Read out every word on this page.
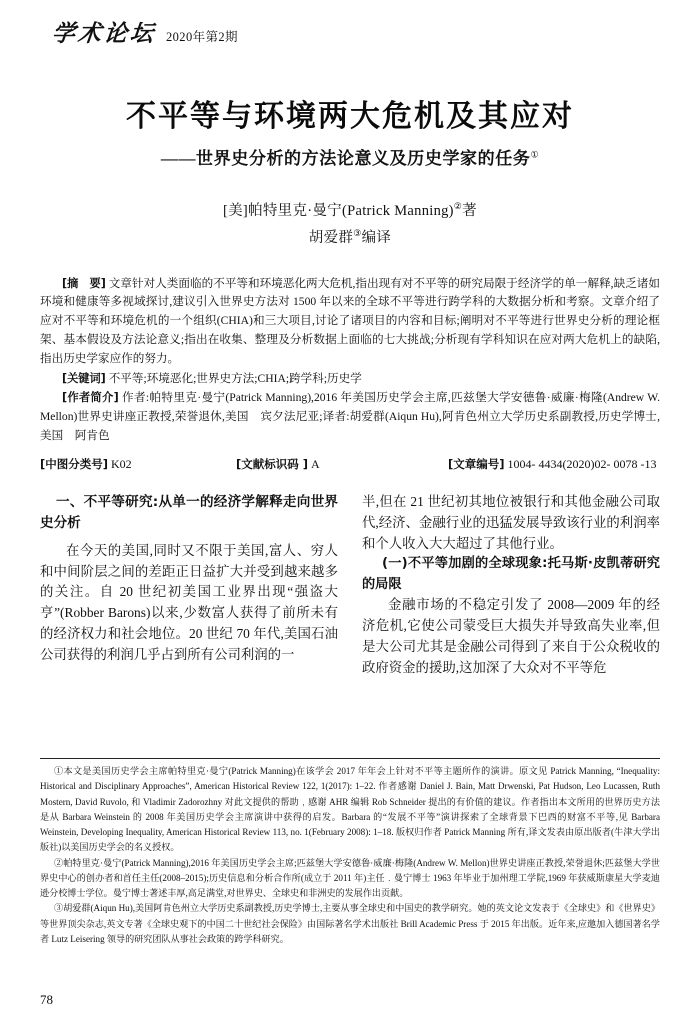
学术论坛 2020年第2期
不平等与环境两大危机及其应对
——世界史分析的方法论意义及历史学家的任务①
[美]帕特里克·曼宁(Patrick Manning)②著
胡爱群③编译

[摘　要] 文章针对人类面临的不平等和环境恶化两大危机,指出现有对不平等的研究局限于经济学的单一解释,缺乏诸如环境和健康等多视域探讨,建议引入世界史方法对 1500 年以来的全球不平等进行跨学科的大数据分析和考察。文章介绍了应对不平等和环境危机的一个组织(CHIA)和三大项目,讨论了诸项目的内容和目标;阐明对不平等进行世界史分析的理论框架、基本假设及方法论意义;指出在收集、整理及分析数据上面临的七大挑战;分析现有学科知识在应对两大危机上的缺陷,指出历史学家应作的努力。

[关键词] 不平等;环境恶化;世界史方法;CHIA;跨学科;历史学

[作者简介] 作者:帕特里克·曼宁(Patrick Manning),2016 年美国历史学会主席,匹兹堡大学安德鲁·威廉·梅隆(Andrew W. Mellon)世界史讲座正教授,荣誉退休,美国　宾夕法尼亚;译者:胡爱群(Aiqun Hu),阿肯色州立大学历史系副教授,历史学博士,美国　阿肯色

[中图分类号] K02	[文献标识码 ] A	[文章编号] 1004- 4434(2020)02- 0078 -13

一、不平等研究:从单一的经济学解释走向世界史分析

在今天的美国,同时又不限于美国,富人、穷人和中间阶层之间的差距正日益扩大并受到越来越多的关注。自 20 世纪初美国工业界出现“强盗大亨”(Robber Barons)以来,少数富人获得了前所未有的经济权力和社会地位。20 世纪 70 年代,美国石油公司获得的利润几乎占到所有公司利润的一

半,但在 21 世纪初其地位被银行和其他金融公司取代,经济、金融行业的迅猛发展导致该行业的利润率和个人收入大大超过了其他行业。

(一)不平等加剧的全球现象:托马斯·皮凯蒂研究的局限

金融市场的不稳定引发了 2008—2009 年的经济危机,它使公司蒙受巨大损失并导致高失业率,但是大公司尤其是金融公司得到了来自于公众税收的政府资金的援助,这加深了大众对不平等危

①本文是美国历史学会主席帕特里克·曼宁(Patrick Manning)在该学会 2017 年年会上针对不平等主题所作的演讲。原文见 Patrick Manning, “Inequality: Historical and Disciplinary Approaches”, American Historical Review 122, 1(2017): 1–22. 作者感谢 Daniel J. Bain, Matt Drwenski, Pat Hudson, Leo Lucassen, Ruth Mostern, David Ruvolo, 和 Vladimir Zadorozhny 对此文提供的帮助﹐感谢 AHR 编辑 Rob Schneider 提出的有价值的建议。作者指出本文所用的世界历史方法是从 Barbara Weinstein 的 2008 年美国历史学会主席演讲中获得的启发。Barbara 的“发展不平等”演讲探索了全球背景下巴西的财富不平等,见 Barbara Weinstein, Developing Inequality, American Historical Review 113, no. 1(February 2008): 1–18. 版权归作者 Patrick Manning 所有,译文发表由原出版者(牛津大学出版社)以美国历史学会的名义授权。

②帕特里克·曼宁(Patrick Manning),2016 年美国历史学会主席;匹兹堡大学安德鲁·威廉·梅隆(Andrew W. Mellon)世界史讲座正教授,荣誉退休;匹兹堡大学世界史中心的创办者和首任主任(2008–2015);历史信息和分析合作所(成立于 2011 年)主任﹒曼宁博士 1963 年毕业于加州理工学院,1969 年获威斯康星大学麦迪逊分校博士学位。曼宁博士著述丰厚,高足满堂,对世界史、全球史和非洲史的发展作出贡献。

③胡爱群(Aiqun Hu),美国阿肯色州立大学历史系副教授,历史学博士,主要从事全球史和中国史的教学研究。她的英文论文发表于《全球史》和《世界史》等世界顶尖杂志,英文专著《全球史观下的中国二十世纪社会保险》由国际著名学术出版社 Brill Academic Press 于 2015 年出版。近年来,应邀加入德国著名学者 Lutz Leisering 领导的研究团队从事社会政策的跨学科研究。

78
